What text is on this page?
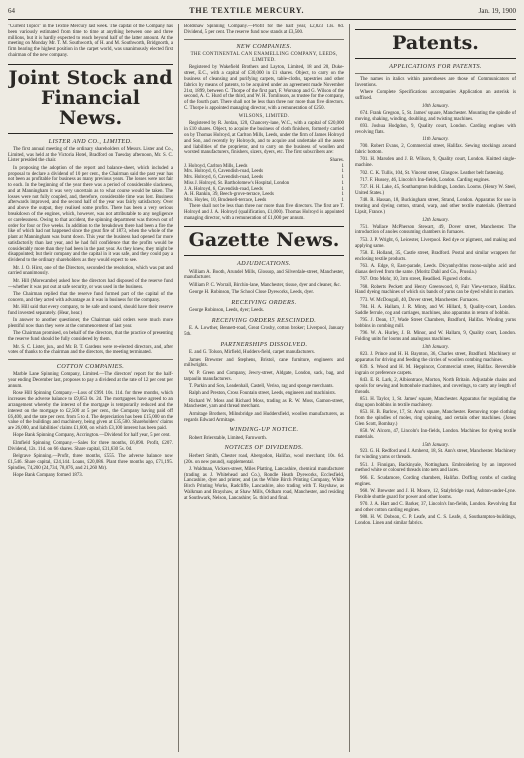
64	THE TEXTILE MERCURY.	Jan. 19, 1900

"Current Topics" in the Textile Mercury last week. The capital of the Company has been variously estimated from time to time at anything between one and three millions, but it is hardly expected to reach beyond half of the latter amount. At the meeting on Monday Mr. T. M. Southworth, of H. and M. Southworth, Bridgnorth, a firm bearing the highest position in the carpet world, was unanimously elected first chairman of the new company.

Joint Stock and Financial News.
LISTER AND CO., LIMITED.

The first annual meeting of the ordinary shareholders of Messrs. Lister and Co., Limited, was held at the Victoria Hotel, Bradford on Tuesday afternoon, Mr. S. C. Lister presided the chair.

In proposing the adoption of the report and balance-sheet, which included a proposal to declare a dividend of 10 per cent., the Chairman said the past year has not been as profitable for business as many previous years. The losses were not fair to each. In the beginning of the year there was a period of considerable slackness, and at Manningham it was very uncertain as to what course would be taken. The losses were not fully coupled, and, therefore, considerable time was lost. Business afterwards improved, and the second half of the year was fairly satisfactory. Over and above the output, they realised some profits. There has been a very serious breakdown of the engines, which, however, was not attributable to any negligence or carelessness. Owing to that accident, the spinning department was thrown out of order for four or five weeks. In addition to the breakdown there had been a fire the like of which had not happened since the great fire of 1873, when the whole of the plant at Manningham was burnt down. This year the business had opened far more satisfactorily than last year, and he had full confidence that the profits would be considerably more than they had been in the past year. As they knew, they might be disappointed; but their company and the capital in it was safe, and they could pay a dividend to the ordinary shareholders as they would expect to see.

Mr. J. O. Hirst, one of the Directors, seconded the resolution, which was put and carried unanimously.

Mr. Hill (Morecambe) asked how the directors had disposed of the reserve fund—whether it was put out at safe security, or was used in the business.

The Chairman replied that the reserve fund formed part of the capital of the concern, and they acted with advantage as it was in business for the company.

Mr. Hill said that every company, to be safe and sound, should have their reserve fund invested separately. (Hear, hear.)

In answer to another questioner, the Chairman said orders were much more plentiful now than they were at the commencement of last year.

The Chairman promised, on behalf of the directors, that the practice of presenting the reserve fund should be fully considered by them.

Mr. S. C. Lister, jun., and Mr. B. T. Gardens were re-elected directors, and, after votes of thanks to the chairman and the directors, the meeting terminated.

COTTON COMPANIES.

Marble Lane Spinning Company, Limited.—The directors' report for the half-year ending December last, proposes to pay a dividend at the rate of 12 per cent per annum.

Rose Hill Spinning Company.—Loss of £991 10s. 11d. for three months, which increases the adverse balance to £9,853 0s. 2d. The mortgagees have agreed to an arrangement whereby the interest of the mortgage is temporarily reduced and the interest on the mortgage to £2,500 at 5 per cent., the Company having paid off £6,400, and the rate per cent. from 5 to 4. The depreciation has been £15,000 on the value of the buildings and machinery, being given at £35,500. Shareholders' claims are 26,000, and liabilities' claims £1,600, on which £3,100 interest has been paid.

Hope Bank Spinning Company, Accrington.—Dividend for half year, 5 per cent.

Elmfield Spinning Company.—Sales for three months, £6,890. Profit, £207. Dividend, 12s. 11d. on 66 shares. Share capital, £31,630 5s. 0d.

Belgrave Spinning.—Profit, three months, £555. The adverse balance now £1,546. Share capital, £24,144. Loans, £20,086. Plant three months ago, £71,195. Spindles, 74,200 (24,734, 78,876, and 21,260 Mr).

Hope Bank Company formed 1873.

Boldshaw Spinning Company.—Profit for the half year, £2,823 13s. 8d. Dividend, 5 per cent. The reserve fund now stands at £3,500.

NEW COMPANIES.
THE CONTINENTAL CAN ENAMELLING COMPANY, LEEDS, LIMITED.

Registered by Wakefield Brothers and Layton, Limited, 18 and 20, Duke-street, E.C., with a capital of £30,000 in £1 shares. Object, to carry on the business of cleansing and purifying carpets, table-cloths, tapestries and other fabrics by means of patents, to be acquired under an agreement made November 21st, 1899, between C. Thorpe of the first part, F. Worsnop and G. Wilson of the second, A. C. Hurd of the third, and W. H. Tomlinson, as trustee for the company, of the fourth part. There shall not be less than three nor more than five directors. C. Thorpe is appointed managing director, with a remuneration of £250.

WILSONS, LIMITED.

Registered by R. Jordan, 120, Chancery-lane, W.C., with a capital of £20,000 in £10 shares. Object, to acquire the business of cloth finishers, formerly carried on by Thomas Holroyd, at Carlton Mills, Leeds, under the firm of James Holroyd and Son, and recently by Holroyds, and to acquire and undertake all the assets and liabilities of the proprietor, and to carry on the business of woollen and worsted manufacturers, finishers, sizers, dyers, etc. The first subscribers are:

Shares.
J. Holroyd, Carlton Mills, Leeds	1
Mrs. Holroyd, 6, Cavendish-road, Leeds	1
Mrs. Holroyd, 6, Cavendish-road, Leeds	1
Miss J. Holroyd, St. Bartholomew's Hospital, London	1
J. A. Holroyd, 6, Cavendish-road, Leeds	1
A. H. Rankin, 39, Beech-grove-terrace, Leeds	1
Mrs. Hoyles, 10, Brudenell-terrace, Leeds	1

There shall not be less than three nor more than five directors. The first are T. Holroyd and J. A. Holroyd (qualification, £1,000). Thomas Holroyd is appointed managing director, with a remuneration of £1,000 per annum.

Gazette News.
ADJUDICATIONS.

William A. Booth, Arundel Mills, Glossop, and Silverdale-street, Manchester, manufacturer.

William P. C. Worrall, Birchin-lane, Manchester, tissue, dyer and cleaner, &c.

George H. Robinson, The School Close Dyeworks, Leeds, dyer.

RECEIVING ORDERS.

George Robinson, Leeds, dyer; Leeds.

RECEIVING ORDERS RESCINDED.

E. A. Lowther, Bennett-road, Great Crosby, cotton broker; Liverpool, January 5th.

PARTNERSHIPS DISSOLVED.

E. and G. Tolson, Mirfield, Hudders-field, carpet manufacturers.

James Brewster and Stephens, Bristol, cane furniture, engineers and millwrights.

W. P. Green and Company, Jewry-street, Aldgate, London, sack, bag, and tarpaulin manufacturers.

T. Parkin and Son, Leadenhall, Castell, Veriso, rag and sponge merchants.

Ralph and Preston, Cross Fountain street, Leeds, engineers and machinists.

Richard W. Moss and Richard Moss, trading as R. W. Moss, Gamon-street, Manchester, yarn and thread merchant.

Armitage Brothers, Milnsbridge and Huddersfield, woollen manufacturers, as regards Edward Armitage.

WINDING-UP NOTICE.

Robert Brierstable, Limited, Farnworth.

NOTICES OF DIVIDENDS.

Herbert Smith, Chester road, Abergodon, Halifax, wool merchant; 10s. 6d. (20s. on new pound), supplemental.

J. Waldman, Vickers-street, Miles Platting, Lancashire, chemical manufacturer (trading as J. Whitehead and Co.), Rondle Heath Dyeworks, Ecclesfield, Lancashire, dyer and printer, and (as the White Birch Printing Company, White Birch Printing Works, Radcliffe, Lancashire, also trading with T. Rayshaw, as Walkman and Brayshaw, at Shaw Mills, Oldham road, Manchester, and residing at Southwark, Nelson, Lancashire; 5s. third and final.

Patents.
APPLICATIONS FOR PATENTS.

The names in italics within parentheses are those of Communicators of Inventions.

Where Complete Specifications accompanies Application an asterisk is suffixed.

10th January.

674. Frank Gregson, 5, St. James' square, Manchester. Mounting the spindle of moving, shaking, winding, doubling, and twisting machines.

693. Joshua Hodgdon, 9, Quality court, London. Carding engines with revolving flats.

11th January.

700. Robert Evans, 2, Commercial street, Halifax. Sewing stockings around fabric bottom.

701. H. Marsden and J. B. Wilson, 9, Quality court, London. Knitted single-machine.

702. C. K. Tullis, 104, St. Vincent street, Glasgow. Leather belt fastening.

717. F. Hussey, 46, Lincoln's Inn-fields, London. Carding engines.

737. H. H. Lake, 45, Southampton buildings, London. Looms. (Henry W. Steel, United States.)

748. R. Hassan, 18, Buckingham street, Strand, London. Apparatus for use in treating and dyeing cotton, strand, warp, and other textile materials. (Bertrand Lipsit, France.)

12th January.

751. Wallace McPherson Stewart, 49, Dover street, Manchester. The introduction of anoles consuming chambers in furnaces.

753. J. P. Wright, 6, Leicester, Liverpool. Red dye or pigment, and making and applying same.

758. E. Holland, 35, Castle street, Bradford. Postal and similar wrappers for enclosing textile products.

763. A. Edge, 8, East-parade, Leeds. Dicyanhydrins mono-sulpho acid and dianas derived from the same. (Moritz Dahl and Co., Prussia.)

767. Otto Mohr, 10, 3rrn street, Beadlied. Figured cloths.

768. Roberts Peckett and Henry Greenwood, 8, Fair View-terrace, Halifax. Hand dyeing machines of which six bands of yarns can be dyed whilst in motion.

773. W. McDougall, 40, Dover street, Manchester. Furnaces.

784. H. A. Hallam, J. R. Minty, and W. Hillard, 9, Quality-court, London. Saddle ferrule, cog and carriages, machines, also apparatus in return of bobbin.

795. J. Dean, 17, Wade Street Chambers, Bradford, Halifax. Winding yarns bobbins in combing mill.

796. W. A. Hurley, J. B. Minor, and W. Hallam, 9, Quality court, London. Folding units for looms and analogous machines.

13th January.

823. J. Prince and H. H. Baynton, 36, Charles street, Bradford. Machinery or apparatus for driving and feeding the circles of woollen combing machines.

839. S. Wood and H. M. Heppincot, Commercial street, Halifax. Reversible ingrain or preference carpets.

843. E. R. Lark, 2, Albiontrace, Morton, North Britain. Adjustable chains and spools for sewing and buttonhole machines, and coverings, to carry any length of threads.

851. H. Taylor, 1, St. James' square, Manchester. Apparatus for regulating the drag upon bobbins in textile machinery.

853. H. B. Barlow, 17, St. Ann's square, Manchester. Removing rope clothing from the spindles of moles, ring spinning, and certain other machines. (Jones Glen Scott, Bombay.)

858. W. Alcorn, 47, Lincoln's Inn-fields, London. Machines for dyeing textile materials.

15th January.

923. G. H. Redford and J. Amherst, 18, St. Ann's street, Manchester. Machinery for winding yarns or threads.

951. J. Finnigan, Backinyale, Nottingham. Embroidering by an improved method white or coloured threads into nets and laces.

966. E. Scudamore, Cording chambers, Halifax. Doffing combs of carding engines.

968. W. Brewster and J. H. Moore, 12, Stalybridge road, Ashton-under-Lyne. Flexible shuttle guard for power and other looms.

970. J. A. Hart and C. Barker, 37, Lincoln's Inn-fields, London. Revolving flat and other cotton carding engines.

988. H. W. Dobson, C. P. Leafe, and C. S. Leafe, 4, Southampton-buildings, London. Linen and similar fabrics.
